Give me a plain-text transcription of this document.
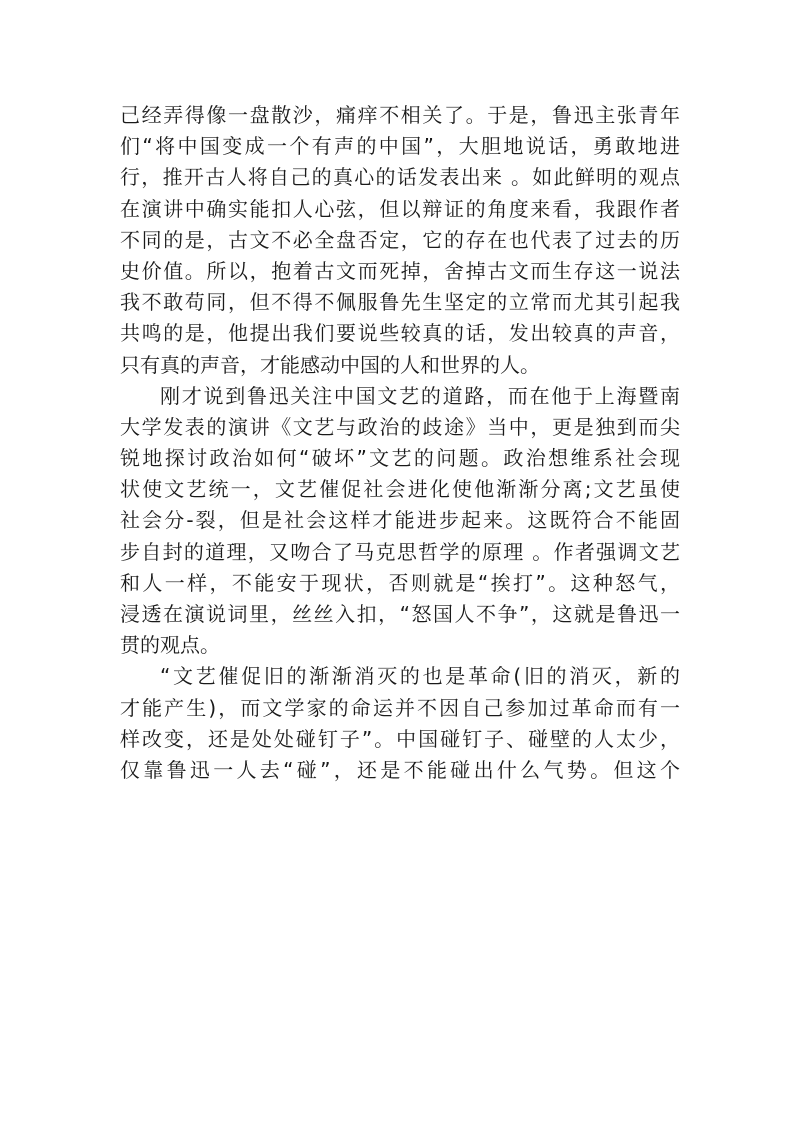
己经弄得像一盘散沙，痛痒不相关了。于是，鲁迅主张青年
们“将中国变成一个有声的中国”，大胆地说话，勇敢地进
行，推开古人将自己的真心的话发表出来 。如此鲜明的观点
在演讲中确实能扣人心弦，但以辩证的角度来看，我跟作者
不同的是，古文不必全盘否定，它的存在也代表了过去的历
史价值。所以，抱着古文而死掉，舍掉古文而生存这一说法
我不敢苟同，但不得不佩服鲁先生坚定的立常而尤其引起我
共鸣的是，他提出我们要说些较真的话，发出较真的声音，
只有真的声音，才能感动中国的人和世界的人。
刚才说到鲁迅关注中国文艺的道路，而在他于上海暨南
大学发表的演讲《文艺与政治的歧途》当中，更是独到而尖
锐地探讨政治如何“破坏”文艺的问题。政治想维系社会现
状使文艺统一，文艺催促社会进化使他渐渐分离;文艺虽使
社会分-裂，但是社会这样才能进步起来。这既符合不能固
步自封的道理，又吻合了马克思哲学的原理 。作者强调文艺
和人一样，不能安于现状，否则就是“挨打”。这种怒气，
浸透在演说词里，丝丝入扣，“怒国人不争”，这就是鲁迅一
贯的观点。
“文艺催促旧的渐渐消灭的也是革命(旧的消灭，新的
才能产生)，而文学家的命运并不因自己参加过革命而有一
样改变，还是处处碰钉子”。中国碰钉子、碰壁的人太少，
仅靠鲁迅一人去“碰”，还是不能碰出什么气势。但这个
